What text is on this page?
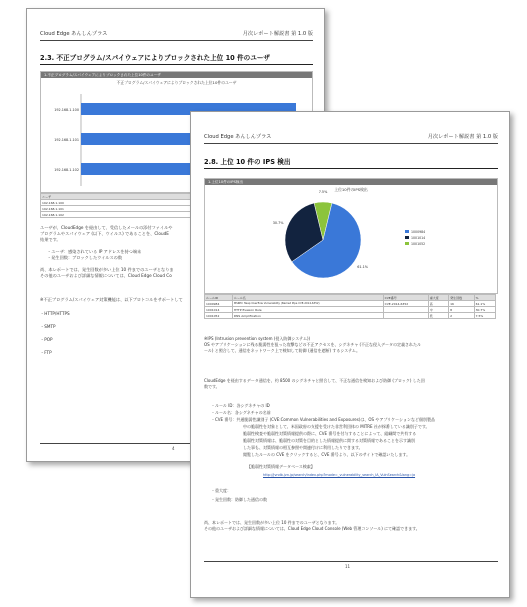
Cloud Edge あんしんプラス	月次レポート解説書 第 1.0 版
2.3. 不正プログラム/スパイウェアによりブロックされた上位 10 件のユーザ
1.不正プログラム/スパイウェアによりブロックされた上位10件のユーザ
不正プログラム/スパイウェアによりブロックされた上位10件のユーザ
192.168.1.100
192.168.1.101
192.168.1.102
ユーザ
192.168.1.100
192.168.1.101
192.168.1.102
ユーザが、CloudEdge を経由して、受信したメールの添付ファイルや
プログラムやスパイウェア (以下、ウイルス) であることを、CloudE
結果です。
・ユーザ：感染されている IP アドレスを持つ端末
・発生回数：ブロックしたウイルスの数
尚、本レポートでは、発生回数が多い上位 10 件までのユーザとなりま
その他のユーザおよび詳細な情報については、Cloud Edge Cloud Co
※不正プログラム/スパイウェア対策機能は、以下プロトコルをサポートして
・HTTP/HTTPS
・SMTP
・POP
・FTP
4
Cloud Edge あんしんプラス	月次レポート解説書 第 1.0 版
2.8. 上位 10 件の IPS 検出
1.上位10件のIPS検出
上位10件のIPS検出
7.5%
61.1%
30.7%
1000984
1001014
1001052
ルールID	ルール名	CVE番号	重大度	発生回数	%
1000984	MSRPC Heap Overflow Vulnerability (Named Pipe CVE-2014-6352)	CVE-2014-6352	高	16	61.1%
1001014	HTTP Evasion Rule		中	8	30.7%
1001052	DNS Amplification		低	2	7.5%
※IPS (Intrusion prevention system (侵入防御システム))
OS やアプリケーションに残る脆弱性を狙った攻撃などの不正アクセスを、シグネチャ (不正な侵入データの定義されたル
ール) と照合して、通信をネットワーク上で検知して防御 (通信を遮断) するシステム。
CloudEdge を経由するデータ通信を、約 8500 のシグネチャと照合して、不正な通信を検知および防御 (ブロック) した回
数です。
・ルール ID：各シグネチャの ID
・ルール名：各シグネチャの名前
・CVE 番号：共通脆弱性識別子 (CVE:Common Vulnerabilities and Exposures)は、OS やアプリケーションなど個別製品
中の脆弱性を対象として、米国政府の支援を受けた非営利団体の MITRE 社が採番している識別子です。
脆弱性検査や脆弱性対策情報提供の際に、CVE 番号を付与することによって、組織間で共有する
脆弱性対策情報は、脆弱性の対策を目的とした情報提供に関する対策情報であることを示す識別
した事も、対策情報の相互参照や関連付けに利用したりできます。
閲覧したルールの CVE をクリックすると、CVE 番号より、以下のサイトで確認いたします。
【脆弱性対策情報データベース検索】
http://jvndb.jvn.jp/search/index.php?mode=_vulnerability_search_IA_VulnSearch&lang=ja
・重大度：
・発生回数：防御した通信の数
尚、本レポートでは、発生回数が多い上位 10 件までのユーザとなります。
その他のユーザおよび詳細な情報については、Cloud Edge Cloud Console (Web 管理コンソール) にて確認できます。
11
